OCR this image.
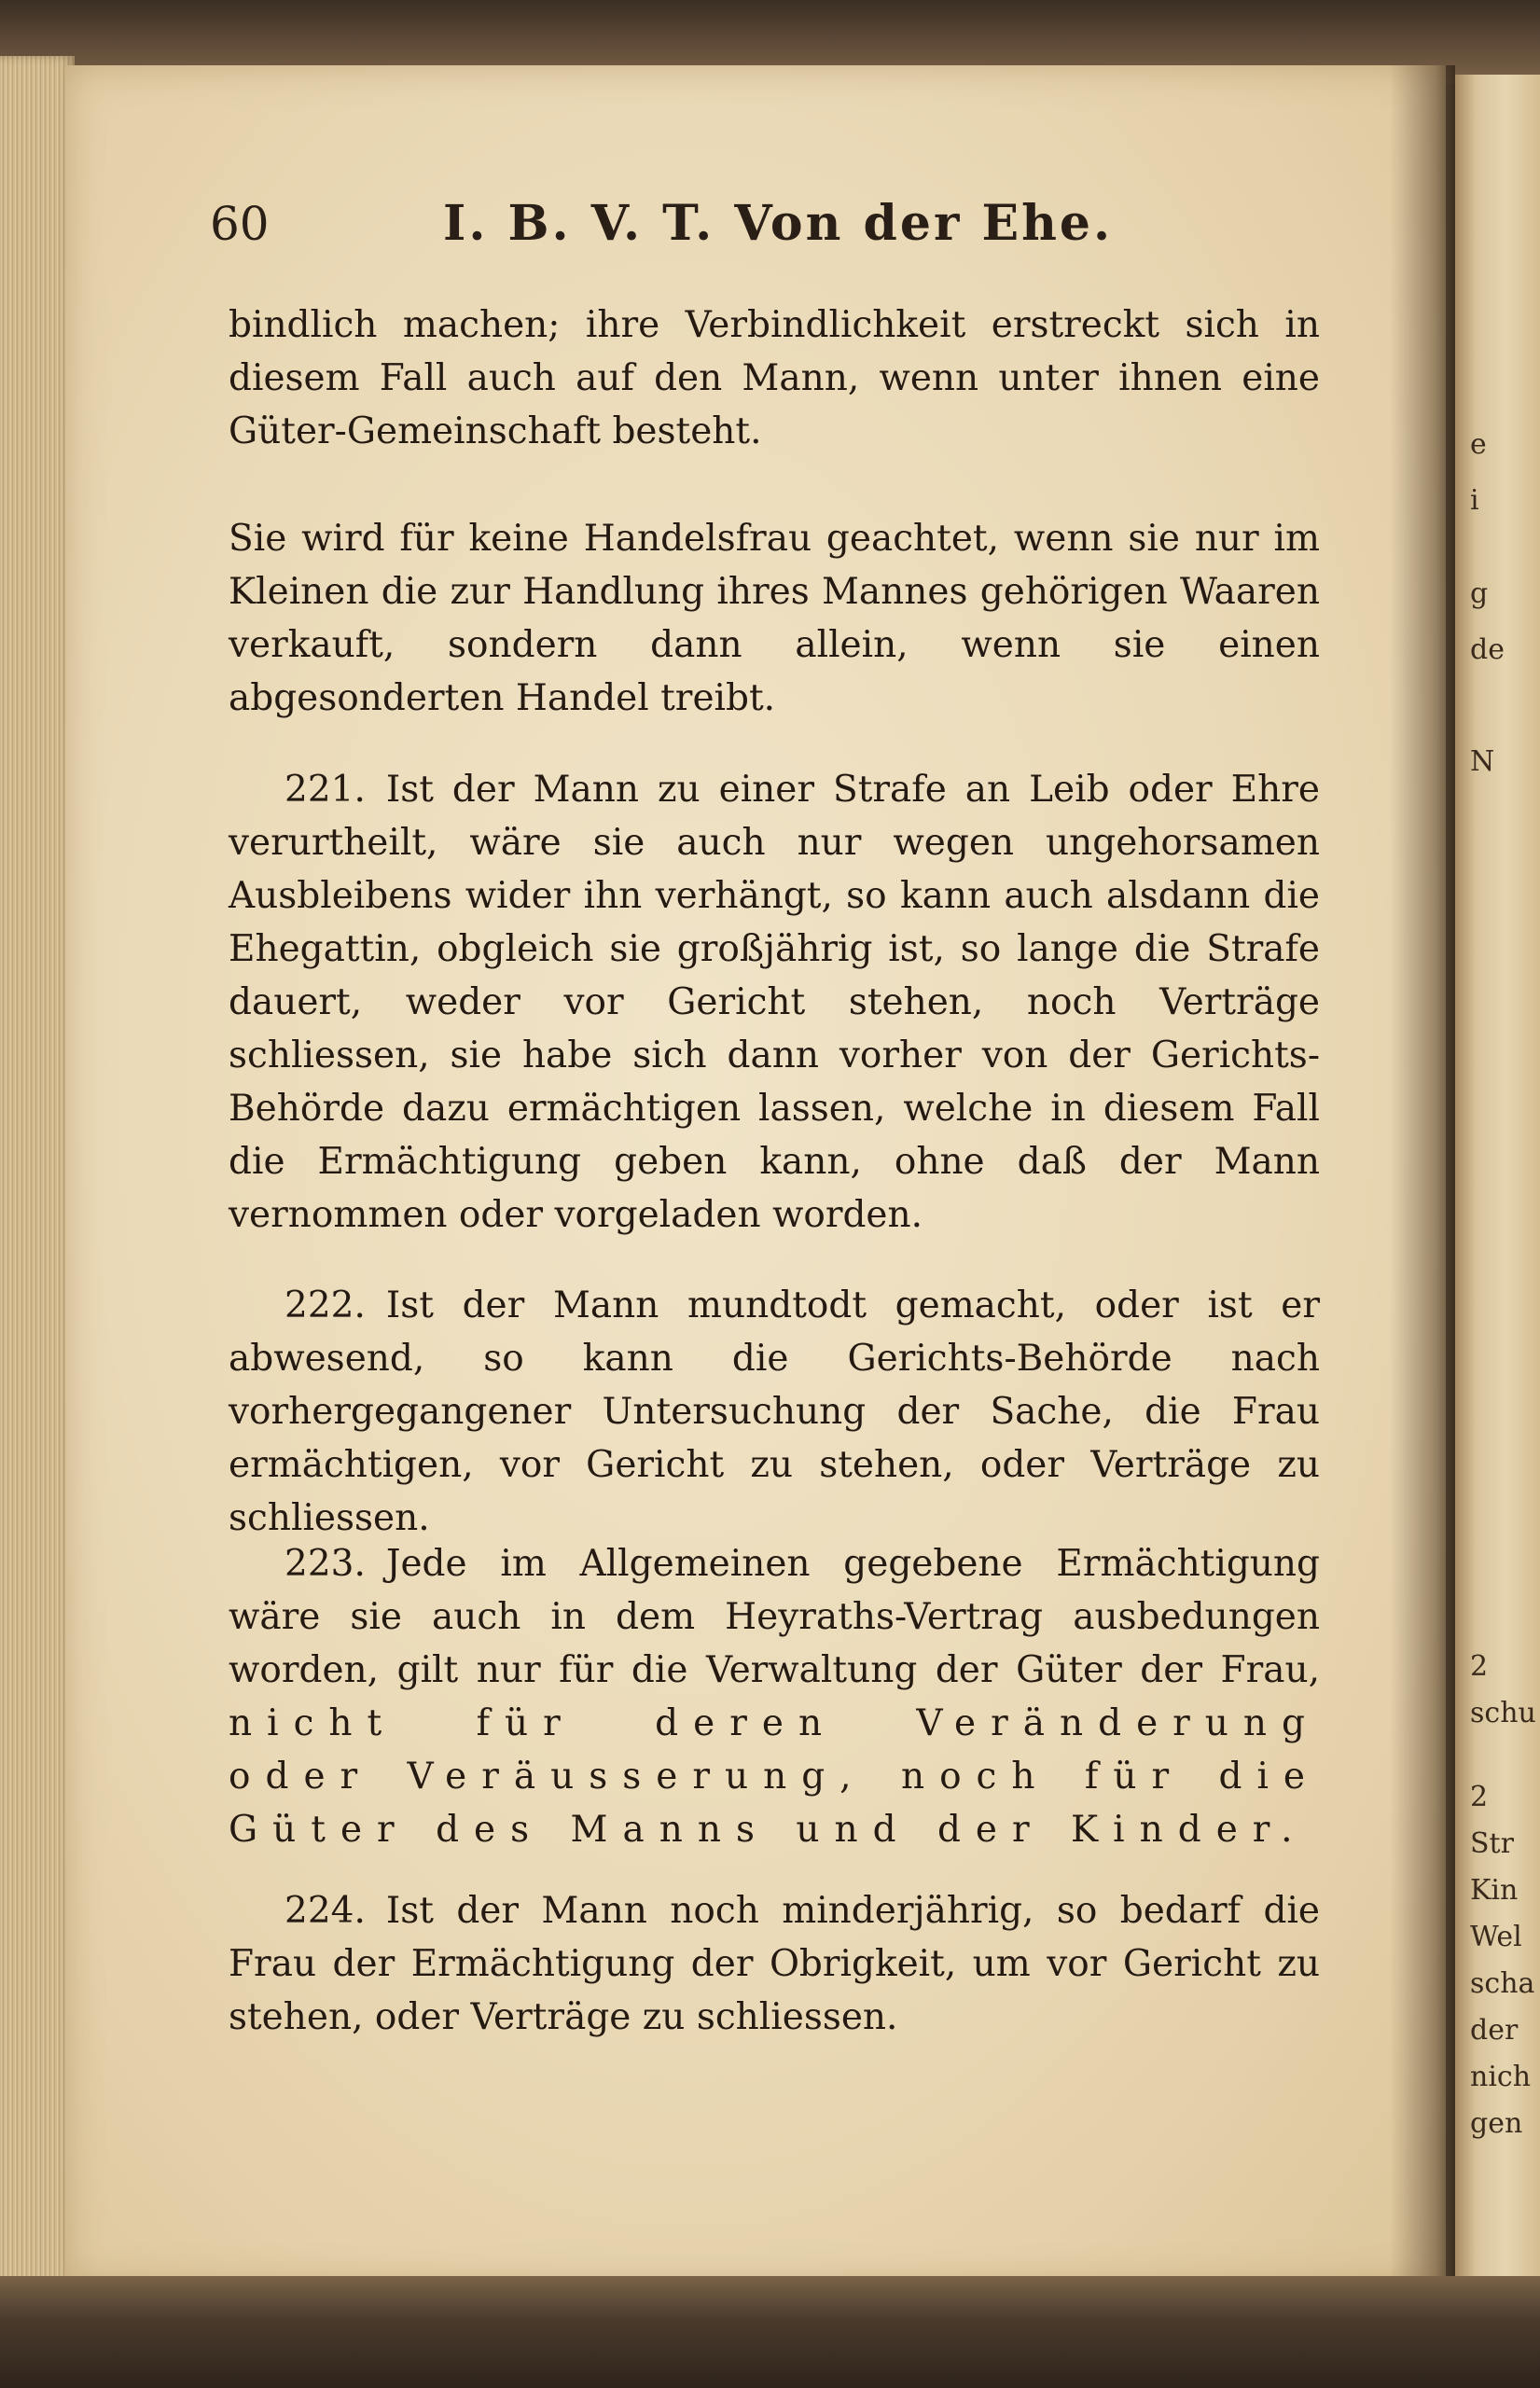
e
i
g
de
N
2
schu
2
Str
Kin
Wel
scha
der
nich
gen
60	I. B. V. T. Von der Ehe.
bindlich machen; ihre Verbindlichkeit erstreckt sich in diesem Fall auch auf den Mann, wenn unter ihnen eine Güter-Gemeinschaft besteht.
Sie wird für keine Handelsfrau geachtet, wenn sie nur im Kleinen die zur Handlung ihres Mannes gehörigen Waaren verkauft, sondern dann allein, wenn sie einen abgesonderten Handel treibt.
221. Ist der Mann zu einer Strafe an Leib oder Ehre verurtheilt, wäre sie auch nur wegen ungehorsamen Ausbleibens wider ihn verhängt, so kann auch alsdann die Ehegattin, obgleich sie großjährig ist, so lange die Strafe dauert, weder vor Gericht stehen, noch Verträge schliessen, sie habe sich dann vorher von der Gerichts-Behörde dazu ermächtigen lassen, welche in diesem Fall die Ermächtigung geben kann, ohne daß der Mann vernommen oder vorgeladen worden.
222. Ist der Mann mundtodt gemacht, oder ist er abwesend, so kann die Gerichts-Behörde nach vorhergegangener Untersuchung der Sache, die Frau ermächtigen, vor Gericht zu stehen, oder Verträge zu schliessen.
223. Jede im Allgemeinen gegebene Ermächtigung wäre sie auch in dem Heyraths-Vertrag ausbedungen worden, gilt nur für die Verwaltung der Güter der Frau, nicht für deren Veränderung oder Veräusserung, noch für die Güter des Manns und der Kinder.
224. Ist der Mann noch minderjährig, so bedarf die Frau der Ermächtigung der Obrigkeit, um vor Gericht zu stehen, oder Verträge zu schliessen.
